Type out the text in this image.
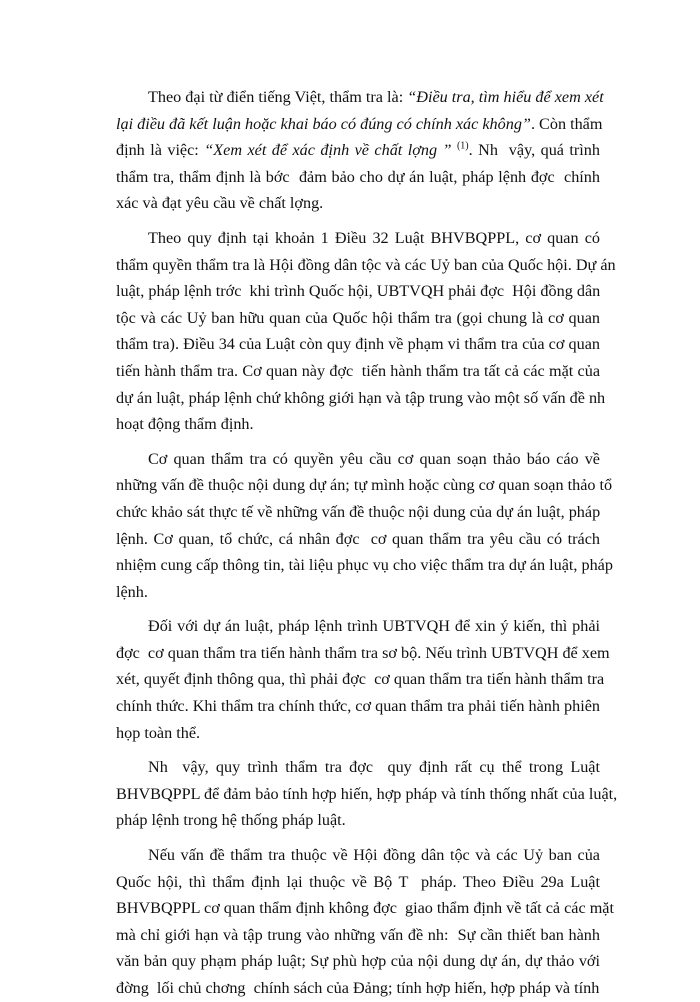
Theo đại từ điển tiếng Việt, thẩm tra là: “Điều tra, tìm hiểu để xem xét
lại điều đã kết luận hoặc khai báo có đúng có chính xác không”. Còn thẩm
định là việc: “Xem xét để xác định về chất lợng ” $^{(1)}$. Nh  vậy, quá trình
thẩm tra, thẩm định là bớc  đảm bảo cho dự án luật, pháp lệnh đợc  chính
xác và đạt yêu cầu về chất lợng.
Theo quy định tại khoản 1 Điều 32 Luật BHVBQPPL, cơ quan có
thẩm quyền thẩm tra là Hội đồng dân tộc và các Uỷ ban của Quốc hội. Dự án
luật, pháp lệnh trớc  khi trình Quốc hội, UBTVQH phải đợc  Hội đồng dân
tộc và các Uỷ ban hữu quan của Quốc hội thẩm tra (gọi chung là cơ quan
thẩm tra). Điều 34 của Luật còn quy định về phạm vi thẩm tra của cơ quan
tiến hành thẩm tra. Cơ quan này đợc  tiến hành thẩm tra tất cả các mặt của
dự án luật, pháp lệnh chứ không giới hạn và tập trung vào một số vấn đề nh
hoạt động thẩm định.
Cơ quan thẩm tra có quyền yêu cầu cơ quan soạn thảo báo cáo về
những vấn đề thuộc nội dung dự án; tự mình hoặc cùng cơ quan soạn thảo tổ
chức khảo sát thực tế về những vấn đề thuộc nội dung của dự án luật, pháp
lệnh. Cơ quan, tổ chức, cá nhân đợc  cơ quan thẩm tra yêu cầu có trách
nhiệm cung cấp thông tin, tài liệu phục vụ cho việc thẩm tra dự án luật, pháp
lệnh.
Đối với dự án luật, pháp lệnh trình UBTVQH để xin ý kiến, thì phải
đợc  cơ quan thẩm tra tiến hành thẩm tra sơ bộ. Nếu trình UBTVQH để xem
xét, quyết định thông qua, thì phải đợc  cơ quan thẩm tra tiến hành thẩm tra
chính thức. Khi thẩm tra chính thức, cơ quan thẩm tra phải tiến hành phiên
họp toàn thể.
Nh  vậy, quy trình thẩm tra đợc  quy định rất cụ thể trong Luật
BHVBQPPL để đảm bảo tính hợp hiến, hợp pháp và tính thống nhất của luật,
pháp lệnh trong hệ thống pháp luật.
Nếu vấn đề thẩm tra thuộc về Hội đồng dân tộc và các Uỷ ban của
Quốc hội, thì thẩm định lại thuộc về Bộ T  pháp. Theo Điều 29a Luật
BHVBQPPL cơ quan thẩm định không đợc  giao thẩm định về tất cả các mặt
mà chỉ giới hạn và tập trung vào những vấn đề nh:  Sự cần thiết ban hành
văn bản quy phạm pháp luật; Sự phù hợp của nội dung dự án, dự thảo với
đờng  lối chủ chơng  chính sách của Đảng; tính hợp hiến, hợp pháp và tính
